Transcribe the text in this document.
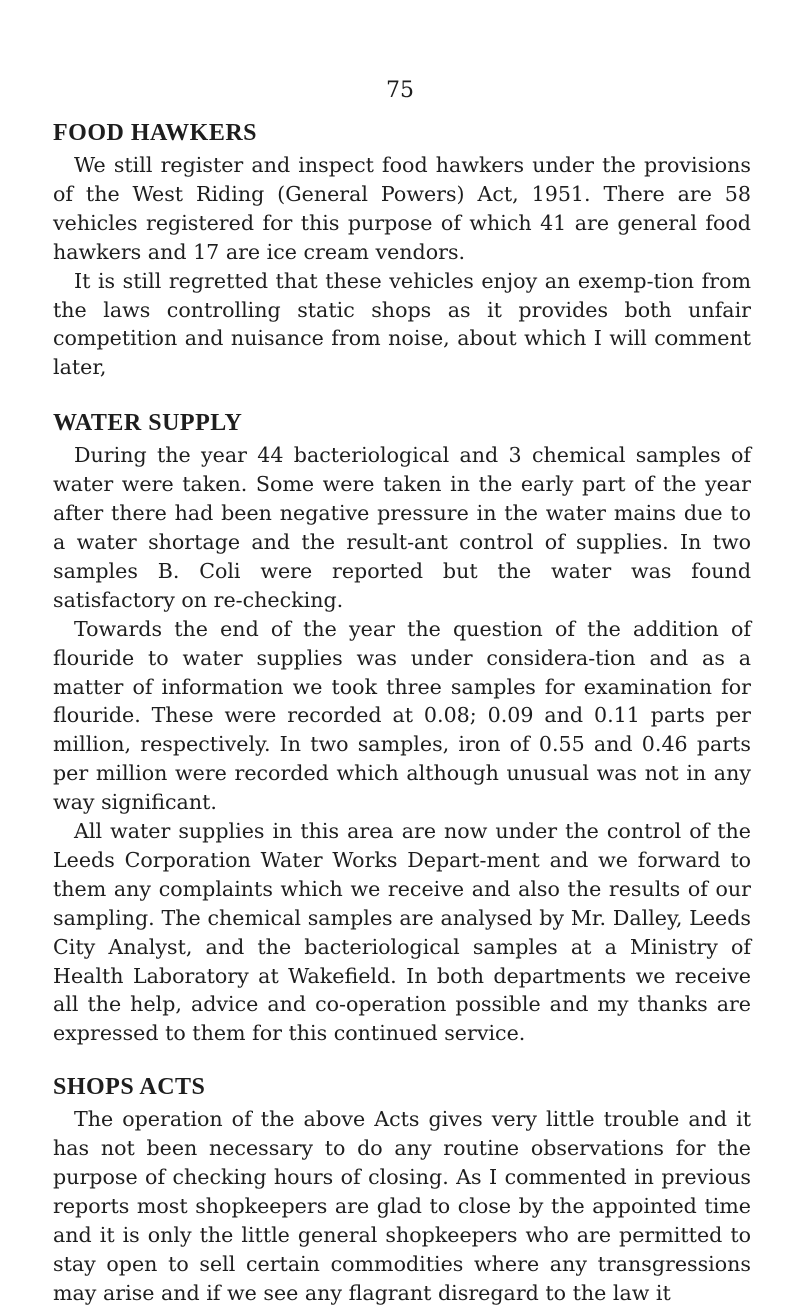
75
FOOD HAWKERS

We still register and inspect food hawkers under the provisions of the West Riding (General Powers) Act, 1951. There are 58 vehicles registered for this purpose of which 41 are general food hawkers and 17 are ice cream vendors.

It is still regretted that these vehicles enjoy an exemp-tion from the laws controlling static shops as it provides both unfair competition and nuisance from noise, about which I will comment later,

WATER SUPPLY

During the year 44 bacteriological and 3 chemical samples of water were taken. Some were taken in the early part of the year after there had been negative pressure in the water mains due to a water shortage and the result-ant control of supplies. In two samples B. Coli were reported but the water was found satisfactory on re-checking.

Towards the end of the year the question of the addition of flouride to water supplies was under considera-tion and as a matter of information we took three samples for examination for flouride. These were recorded at 0.08; 0.09 and 0.11 parts per million, respectively. In two samples, iron of 0.55 and 0.46 parts per million were recorded which although unusual was not in any way significant.

All water supplies in this area are now under the control of the Leeds Corporation Water Works Depart-ment and we forward to them any complaints which we receive and also the results of our sampling. The chemical samples are analysed by Mr. Dalley, Leeds City Analyst, and the bacteriological samples at a Ministry of Health Laboratory at Wakefield. In both departments we receive all the help, advice and co-operation possible and my thanks are expressed to them for this continued service.

SHOPS ACTS

The operation of the above Acts gives very little trouble and it has not been necessary to do any routine observations for the purpose of checking hours of closing. As I commented in previous reports most shopkeepers are glad to close by the appointed time and it is only the little general shopkeepers who are permitted to stay open to sell certain commodities where any transgressions may arise and if we see any flagrant disregard to the law it
